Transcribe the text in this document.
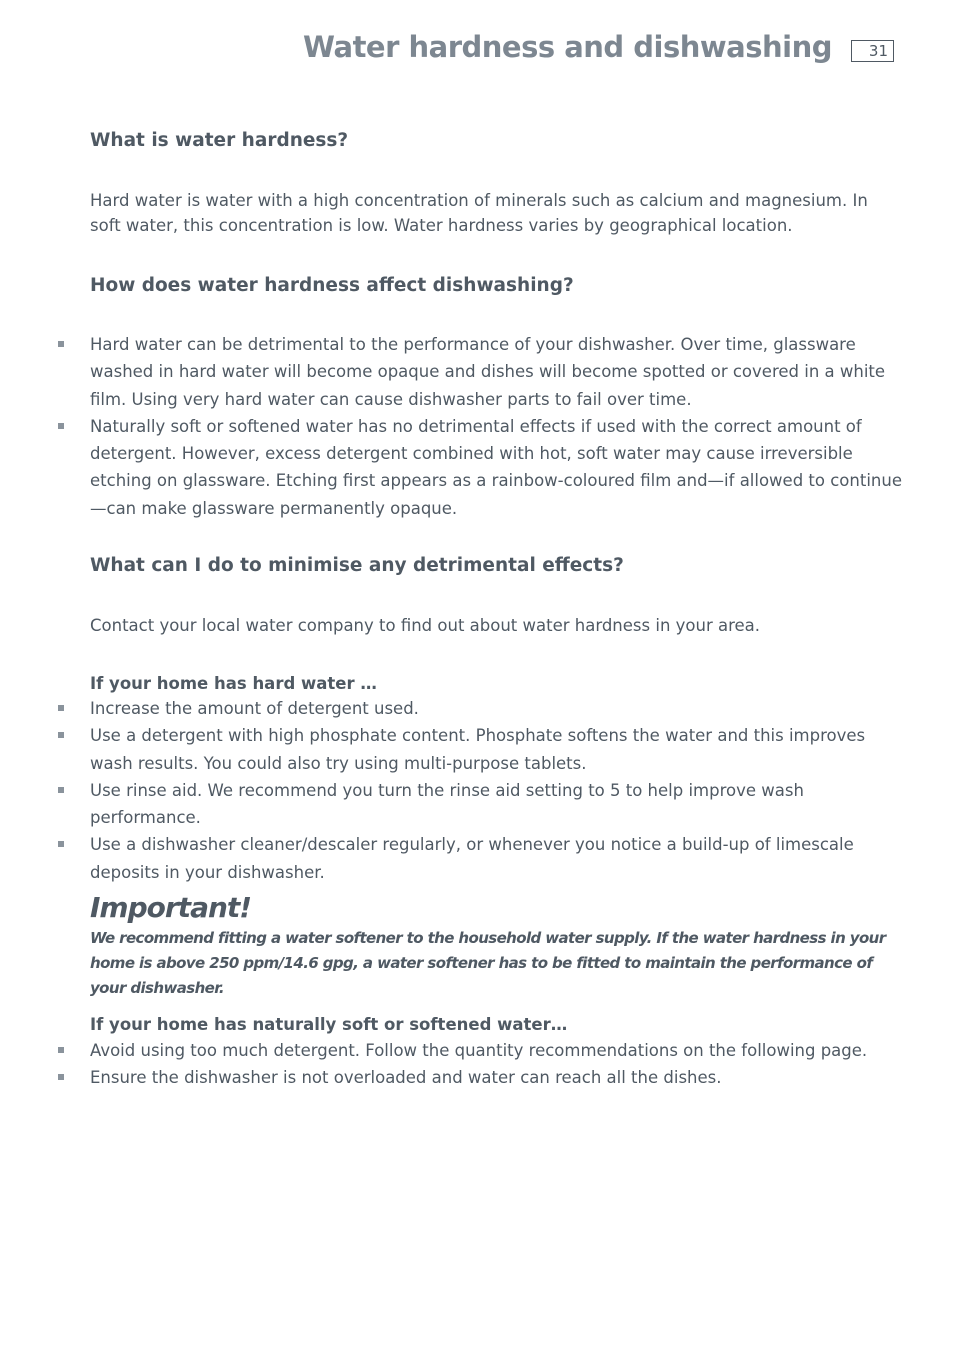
Water hardness and dishwashing	31
What is water hardness?

Hard water is water with a high concentration of minerals such as calcium and magnesium. In soft water, this concentration is low. Water hardness varies by geographical location.

How does water hardness affect dishwashing?
Hard water can be detrimental to the performance of your dishwasher. Over time, glassware washed in hard water will become opaque and dishes will become spotted or covered in a white film. Using very hard water can cause dishwasher parts to fail over time.
Naturally soft or softened water has no detrimental effects if used with the correct amount of detergent. However, excess detergent combined with hot, soft water may cause irreversible etching on glassware. Etching first appears as a rainbow-coloured film and—if allowed to continue—can make glassware permanently opaque.
What can I do to minimise any detrimental effects?

Contact your local water company to find out about water hardness in your area.

If your home has hard water …
Increase the amount of detergent used.
Use a detergent with high phosphate content. Phosphate softens the water and this improves wash results. You could also try using multi-purpose tablets.
Use rinse aid. We recommend you turn the rinse aid setting to 5 to help improve wash performance.
Use a dishwasher cleaner/descaler regularly, or whenever you notice a build-up of limescale deposits in your dishwasher.
Important!

We recommend fitting a water softener to the household water supply. If the water hardness in your home is above 250 ppm/14.6 gpg, a water softener has to be fitted to maintain the performance of your dishwasher.

If your home has naturally soft or softened water…
Avoid using too much detergent. Follow the quantity recommendations on the following page.
Ensure the dishwasher is not overloaded and water can reach all the dishes.
